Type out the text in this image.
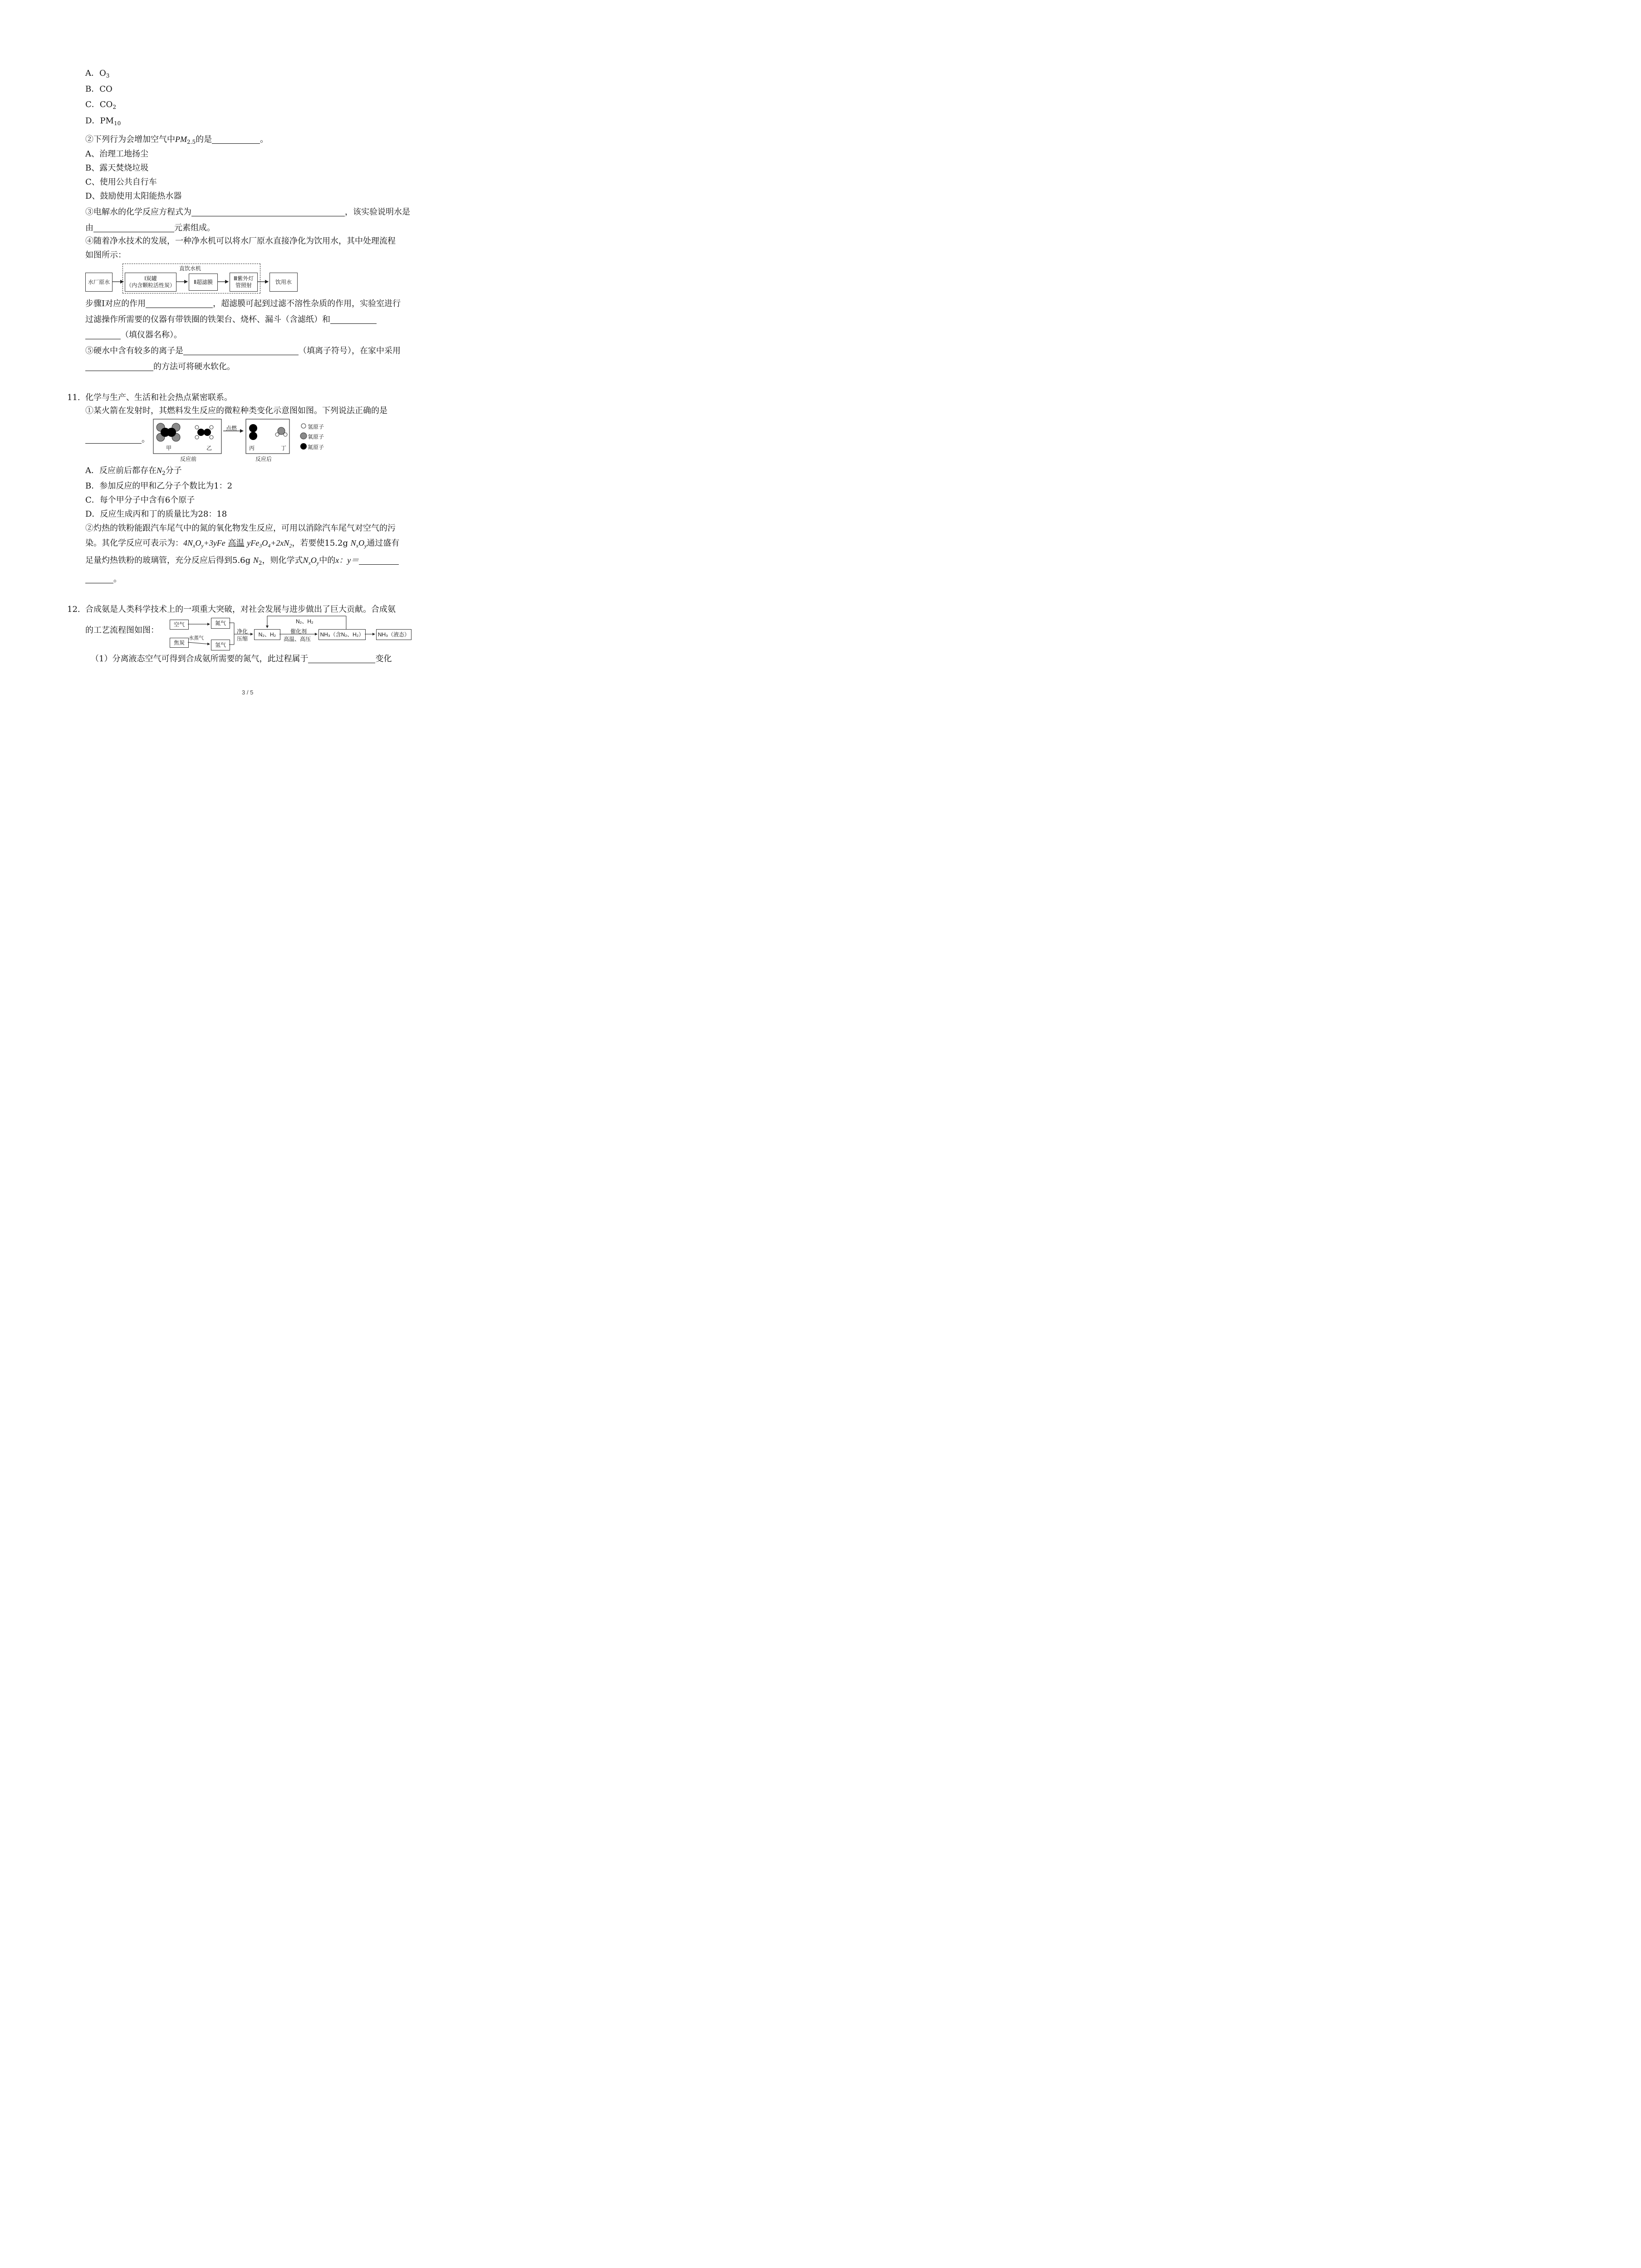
A．$O_3$
B．CO
C．$CO_2$
D．$PM_{10}$
②下列行为会增加空气中$PM_{2.5}$的是	。
A、治理工地扬尘
B、露天焚烧垃圾
C、使用公共自行车
D、鼓励使用太阳能热水器
③电解水的化学反应方程式为	，该实验说明水是
由	元素组成。
④随着净水技术的发展，一种净水机可以将水厂原水直接净化为饮用水，其中处理流程
如图所示：
直饮水机
水厂原水
Ⅰ炭罐
（内含颗粒活性炭）
Ⅱ超滤膜
Ⅲ紫外灯
管照射
饮用水
步骤Ⅰ对应的作用	，超滤膜可起到过滤不溶性杂质的作用，实验室进行
过滤操作所需要的仪器有带铁圈的铁架台、烧杯、漏斗（含滤纸）和
（填仪器名称）。
⑤硬水中含有较多的离子是	（填离子符号），在家中采用
的方法可将硬水软化。
11. 化学与生产、生活和社会热点紧密联系。
①某火箭在发射时，其燃料发生反应的微粒种类变化示意图如图。下列说法正确的是
。
点燃
甲	乙	丙	丁
反应前	反应后
氢原子
氧原子
氮原子
A．反应前后都存在$N_2$分子
B．参加反应的甲和乙分子个数比为1：2
C．每个甲分子中含有6个原子
D．反应生成丙和丁的质量比为28：18
②灼热的铁粉能跟汽车尾气中的氮的氧化物发生反应，可用以消除汽车尾气对空气的污
染。其化学反应可表示为：$4N_xO_y+3yFe$ 高温 $yFe_3O_4+2xN_2$，若要使15.2g $N_xO_y$通过盛有
足量灼热铁粉的玻璃管，充分反应后得到5.6g $N_2$，则化学式$N_xO_y$中的x：y＝
。
12. 合成氨是人类科学技术上的一项重大突破，对社会发展与进步做出了巨大贡献。合成氨
的工艺流程图如图：
空气	氮气
焦炭	氢气
N₂、H₂	NH₃（含N₂、H₂）	NH₃（液态）
水蒸气
净化
压缩
N₂、H₂
催化剂
高温、高压
（1）分离液态空气可得到合成氨所需要的氮气，此过程属于	变化
3 / 5
